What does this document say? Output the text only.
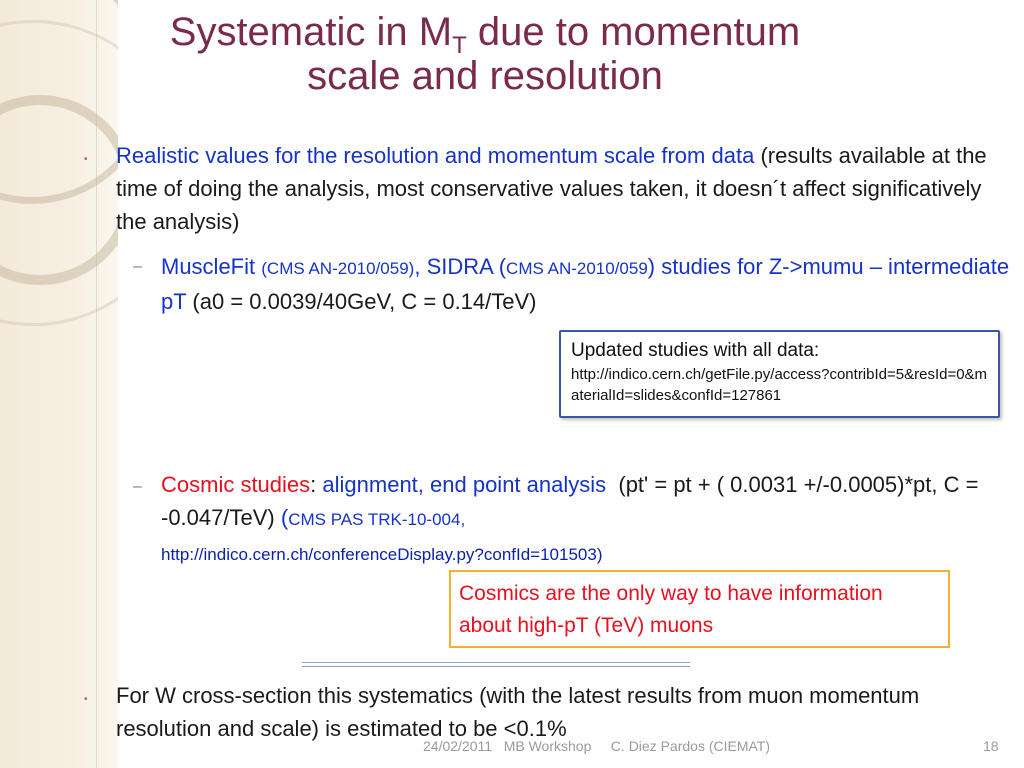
Systematic in $M_T$ due to momentum
scale and resolution
• Realistic values for the resolution and momentum scale from data (results available at the time of doing the analysis, most conservative values taken, it doesn´t affect significatively the analysis)
– MuscleFit (CMS AN-2010/059), SIDRA (CMS AN-2010/059) studies for Z->mumu – intermediate pT (a0 = 0.0039/40GeV, C = 0.14/TeV)
Updated studies with all data:
http://indico.cern.ch/getFile.py/access?contribId=5&resId=0&materialId=slides&confId=127861
– Cosmic studies: alignment, end point analysis (pt' = pt + ( 0.0031 +/-0.0005)*pt, C = -0.047/TeV) (CMS PAS TRK-10-004,
http://indico.cern.ch/conferenceDisplay.py?confId=101503)
Cosmics are the only way to have information about high-pT (TeV) muons
• For W cross-section this systematics (with the latest results from muon momentum resolution and scale) is estimated to be <0.1%
24/02/2011   MB Workshop     C. Diez Pardos (CIEMAT)	18
